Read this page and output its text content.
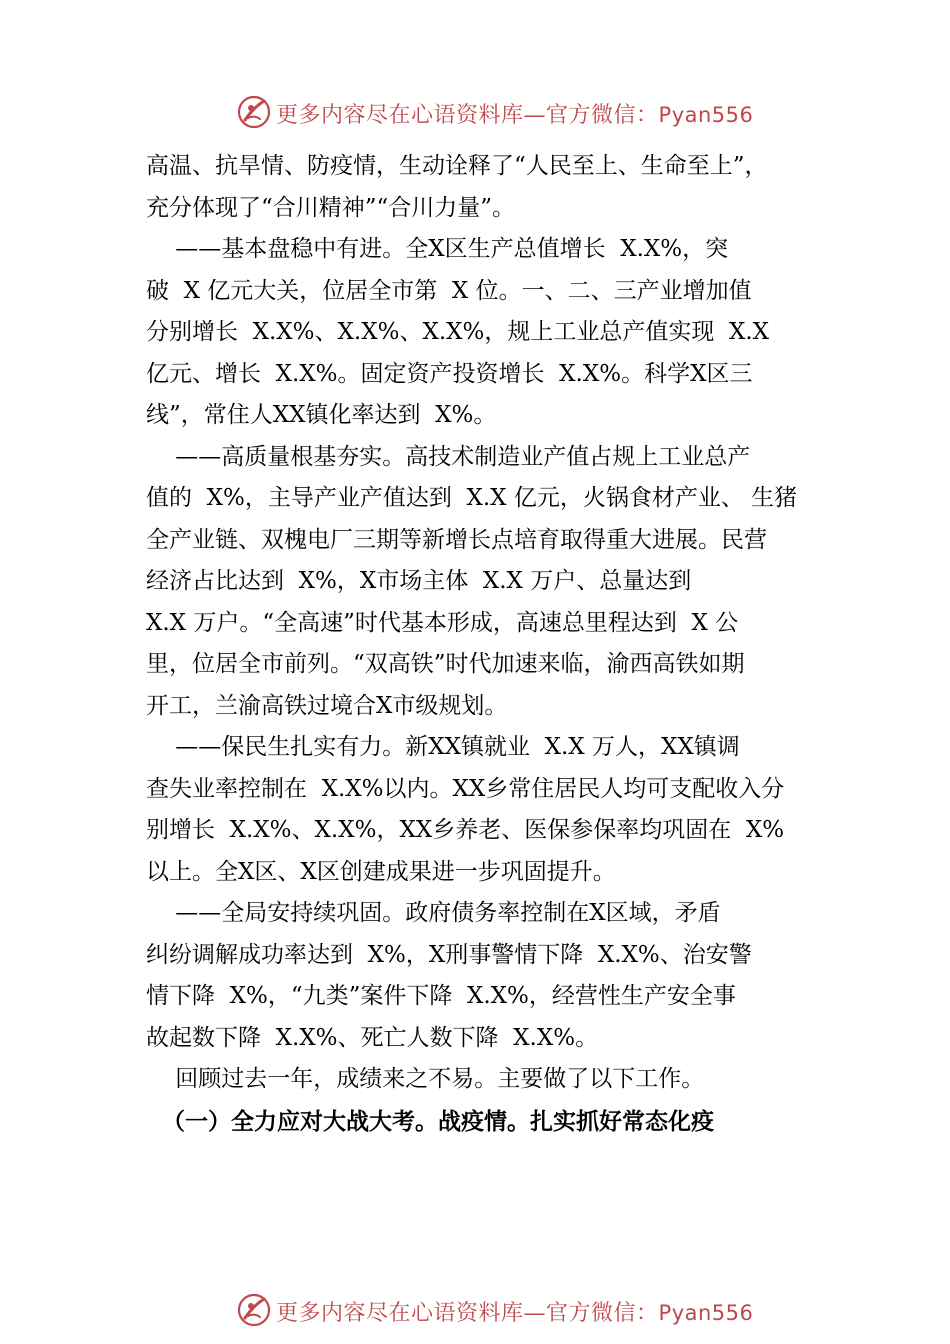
更多内容尽在心语资料库—官方微信：Pyan556
高温、抗旱情、防疫情，生动诠释了“人民至上、生命至上”，
充分体现了“合川精神”“合川力量”。
——基本盘稳中有进。全X区生产总值增长  X.X%，突
破  X 亿元大关，位居全市第  X 位。一、二、三产业增加值
分别增长  X.X%、X.X%、X.X%，规上工业总产值实现  X.X
亿元、增长  X.X%。固定资产投资增长  X.X%。科学X区三
线”，常住人XX镇化率达到  X%。
——高质量根基夯实。高技术制造业产值占规上工业总产
值的  X%，主导产业产值达到  X.X 亿元，火锅食材产业、 生猪
全产业链、双槐电厂三期等新增长点培育取得重大进展。民营
经济占比达到  X%，X市场主体  X.X 万户、总量达到
X.X 万户。“全高速”时代基本形成，高速总里程达到  X 公
里，位居全市前列。“双高铁”时代加速来临，渝西高铁如期
开工，兰渝高铁过境合X市级规划。
——保民生扎实有力。新XX镇就业  X.X 万人，XX镇调
查失业率控制在  X.X%以内。XX乡常住居民人均可支配收入分
别增长  X.X%、X.X%，XX乡养老、医保参保率均巩固在  X%
以上。全X区、X区创建成果进一步巩固提升。
——全局安持续巩固。政府债务率控制在X区域，矛盾
纠纷调解成功率达到  X%，X刑事警情下降  X.X%、治安警
情下降  X%，“九类”案件下降  X.X%，经营性生产安全事
故起数下降  X.X%、死亡人数下降  X.X%。
回顾过去一年，成绩来之不易。主要做了以下工作。
（一）全力应对大战大考。战疫情。扎实抓好常态化疫
更多内容尽在心语资料库—官方微信：Pyan556
